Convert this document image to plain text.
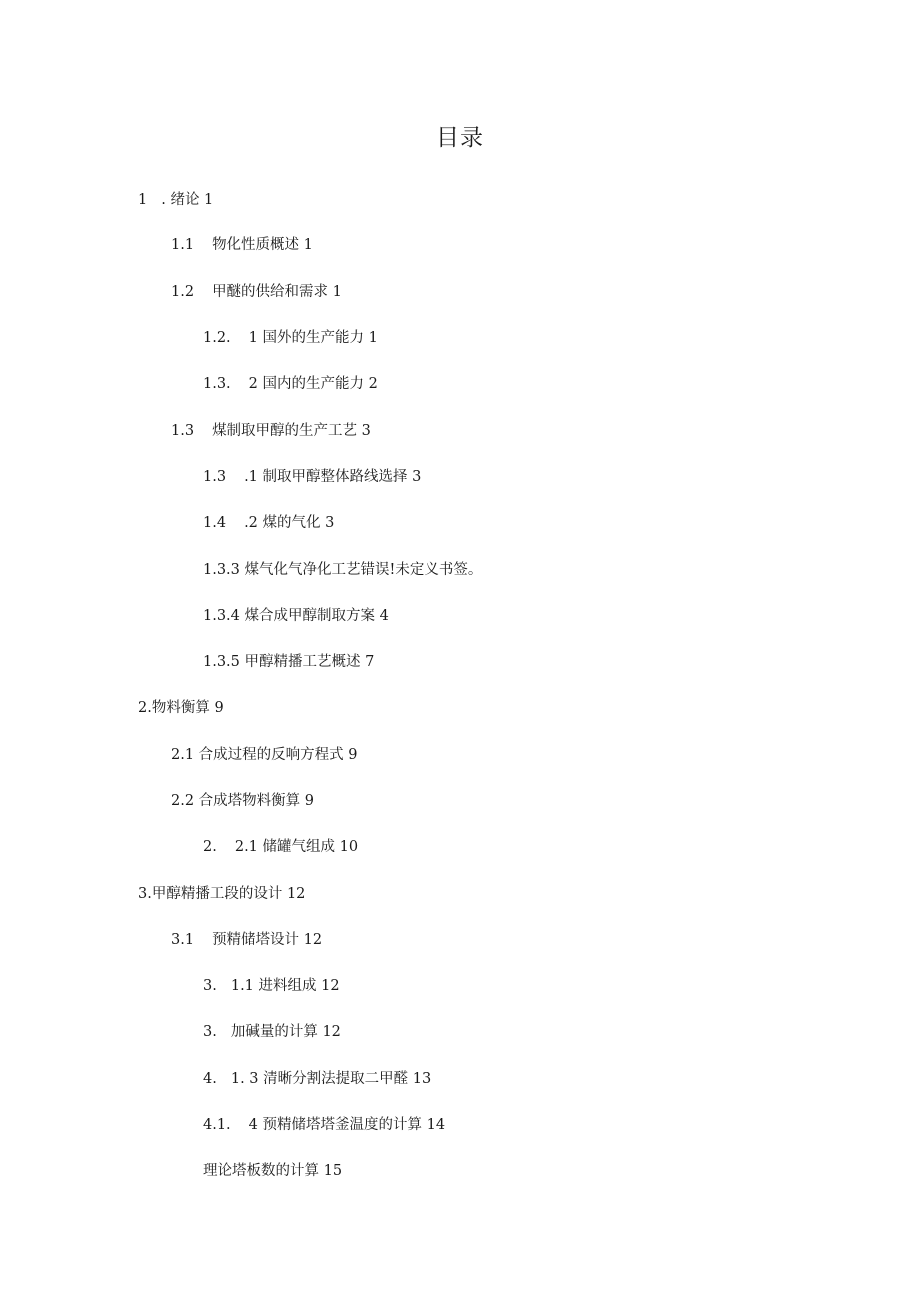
目录
1 . 绪论 1
1.1 物化性质概述 1
1.2 甲醚的供给和需求 1
1.2. 1 国外的生产能力 1
1.3. 2 国内的生产能力 2
1.3 煤制取甲醇的生产工艺 3
1.3 .1 制取甲醇整体路线选择 3
1.4 .2 煤的气化 3
1.3.3 煤气化气净化工艺错误!未定义书签。
1.3.4 煤合成甲醇制取方案 4
1.3.5 甲醇精播工艺概述 7
2.物料衡算 9
2.1 合成过程的反响方程式 9
2.2 合成塔物料衡算 9
2. 2.1 储罐气组成 10
3.甲醇精播工段的设计 12
3.1 预精储塔设计 12
3. 1.1 进料组成 12
3. 加碱量的计算 12
4. 1. 3 清晰分割法提取二甲醛 13
4.1. 4 预精储塔塔釜温度的计算 14
理论塔板数的计算 15
